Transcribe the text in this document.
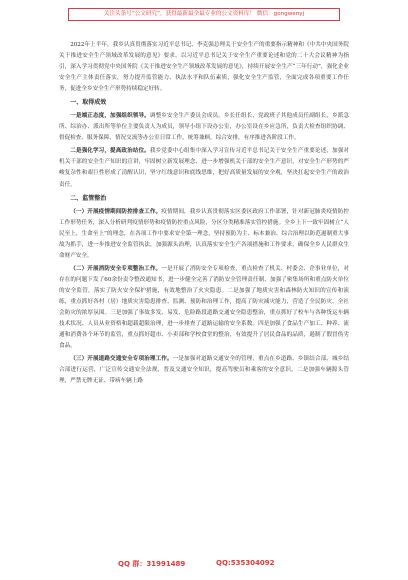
关注头条号“公文研究”，获得最新最全最专业的公文资料库！ 微信：gongwenyj

2022年上半年，我乡认真贯彻落实习近平总书记、李克强总理关于安全生产的重要指示精神和《中共中央国务院关于推进安全生产领域改革发展的意见》要求，以习近平总书记关于安全生产重要论述和党的二十大会议精神为指引，深入学习贯彻党中央国务院《关于推进安全生产领域改革发展的意见》，持续开展安全生产“三年行动”，强化企业安全生产主体责任落实，努力提升监管能力、执法水平和队伍素质，强化安全生产监管，全面完成各项重要工作任务，促进全乡安全生产形势持续稳定好转。

一、取得成效

一是端正态度，加强组织领导。调整乡安全生产委员会成员，乡长任组长，党政班子其他成员任副组长，乡派急所、综治办、派出所等单位主要负责人为成员，领导小组下设办公室，办公室设在乡应急所，负责大检查组织协调、督促检查、服务保障、情况交流等办公室日常工作，统筹兼顾，综合安排，有序推进各阶段工作。

二是强化学习，提高政治站位。我乡党委中心组集中深入学习宣传习近平总书记关于安全生产重要论述，加强对机关干部的安全生产知识的宣讲，牢固树立新发展理念，进一步增强机关干部的安全生产意识，对安全生产形势的严峻复杂性和艰巨性形成了清醒认识，坚守红线意识和底线思维，把好高质量发展的安全观，坚决扛起安全生产的政治责任。

二、监管整治

（一）开展疫情期间防控排查工作。疫情期间，我乡认真贯彻落实区委区政府工作部署，针对新冠肺炎疫情防控工作形势任务，深入分析研判疫情形势和疫情防控重点风险，分区分类精准落实管控措施。全乡上下一致牢固树立“人民至上，生命至上”的理念，在各项工作中要求安全第一理念，坚持预防为主、标本兼治、综合治理以防范遏制重大事故为抓手，进一步推进安全监管执法，加强源头治理，认真落实安全生产各项措施和工作要求，确保全乡人民群众生命财产安全。

（二）开展消防安全专项整治工作。一是开展了消防安全专项检查，重点检查了机关、村委会、企事业单位，对存在的问题下发了60余份责令整改通知书，进一步健全完善了消防安全管理责任制，加强了密集场所和重点防火单位的安全监管，落实了防火安全保护措施，有效地整治了火灾隐患。二是加强了地质灾害和森林防火知识的宣传和演练，重点抓好各村（居）地质灾害隐患排查、监测、预防和治理工作，提高了防灾减灾能力，营造了全民防灾、全社会防灾的浓厚氛围。三是加强了事故多发、易发、危险路段道路交通安全隐患整治，重点抓好了校车与各种货运车辆技术状况、人员从业资格和超载超限治理，进一步排查了道路运输的安全系数。四是加强了食品生产加工、种养、流通和消费各个环节的监管，重点抓好超市、小卖部和学校食堂的整治，有效提升了居民食品的品质，遏制了假冒伪劣食品。

（三）开展道路交通安全专项治理工作。一是加强对道路交通安全的管理，重点在乡道路、乡镇结合部、城乡结合部进行运营，广泛宣传交通安全法规，普及交通安全知识，提高驾驶员和乘客的安全意识。二是加强车辆源头管理，严禁无牌无证、带病车辆上路

QQ 群：31991489	QQ:535304092
